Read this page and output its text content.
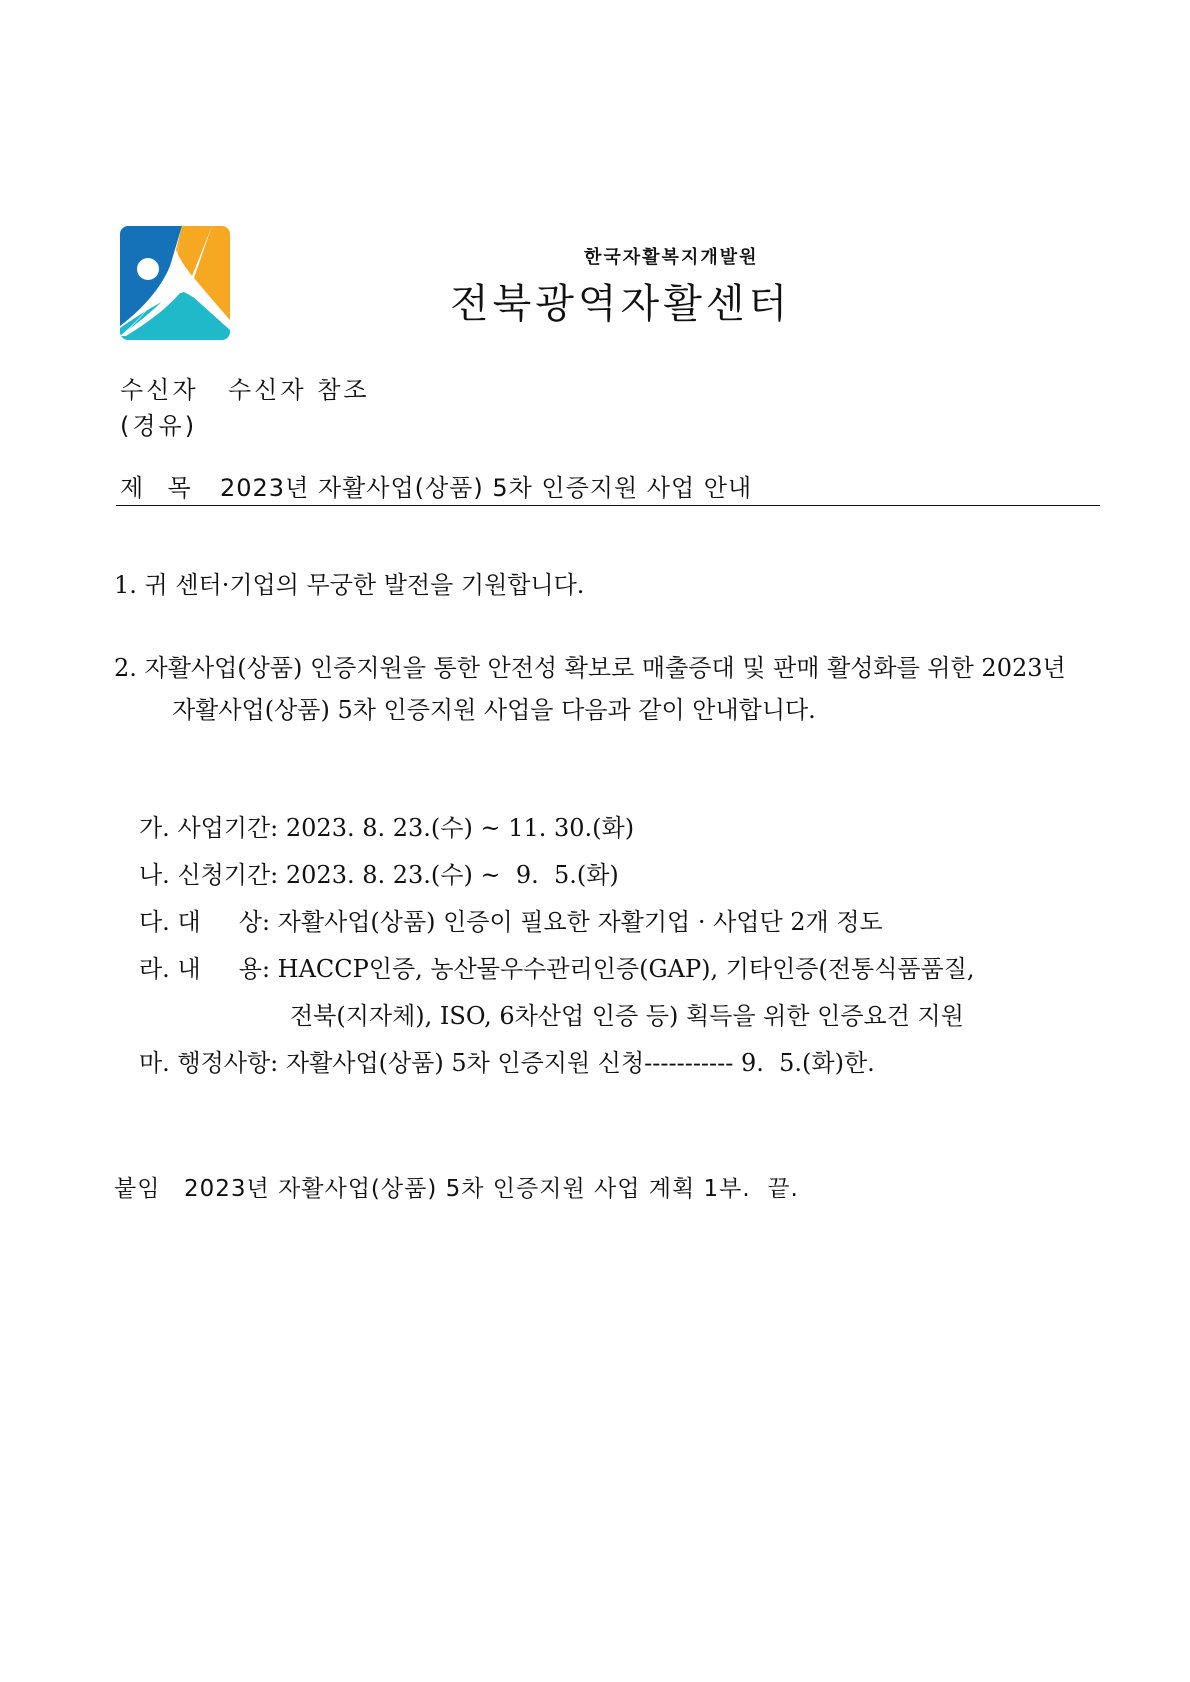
한국자활복지개발원
전북광역자활센터
수신자 수신자 참조
(경유)
제  목 2023년 자활사업(상품) 5차 인증지원 사업 안내
1. 귀 센터·기업의 무궁한 발전을 기원합니다.
2. 자활사업(상품) 인증지원을 통한 안전성 확보로 매출증대 및 판매 활성화를 위한 2023년
자활사업(상품) 5차 인증지원 사업을 다음과 같이 안내합니다.
가. 사업기간: 2023. 8. 23.(수) ~ 11. 30.(화)
나. 신청기간: 2023. 8. 23.(수) ~  9.  5.(화)
다. 대     상: 자활사업(상품) 인증이 필요한 자활기업 · 사업단 2개 정도
라. 내     용: HACCP인증, 농산물우수관리인증(GAP), 기타인증(전통식품품질,
전북(지자체), ISO, 6차산업 인증 등) 획득을 위한 인증요건 지원
마. 행정사항: 자활사업(상품) 5차 인증지원 신청----------- 9.  5.(화)한.
붙임 2023년 자활사업(상품) 5차 인증지원 사업 계획 1부.  끝.
